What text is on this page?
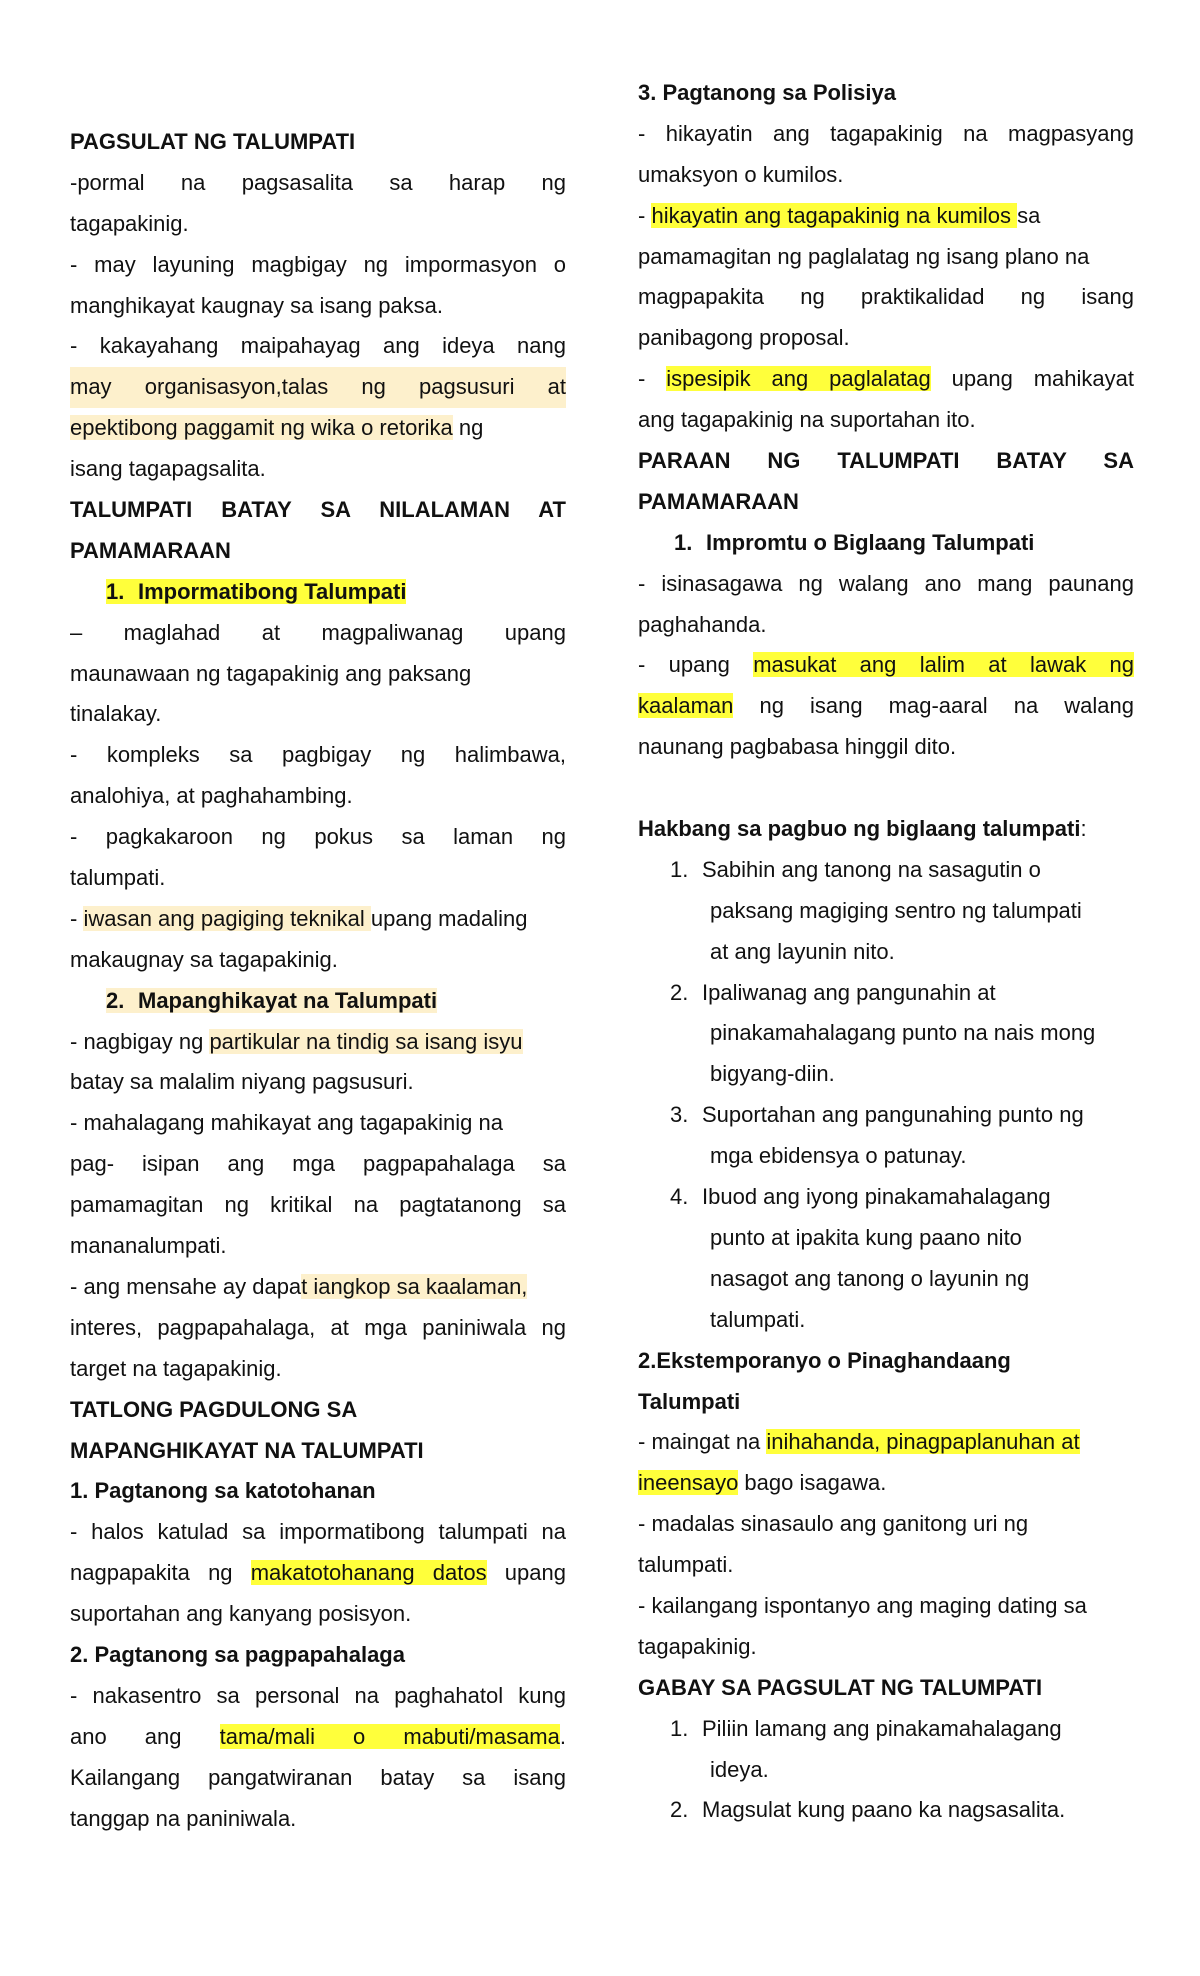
PAGSULAT NG TALUMPATI
-pormal na pagsasalita sa harap ng
tagapakinig.
- may layuning magbigay ng impormasyon o
manghikayat kaugnay sa isang paksa.
- kakayahang maipahayag ang ideya nang
may organisasyon,talas ng pagsusuri at
epektibong paggamit ng wika o retorika ng
isang tagapagsalita.
TALUMPATI BATAY SA NILALAMAN AT
PAMAMARAAN
1. Impormatibong Talumpati
– maglahad at magpaliwanag upang
maunawaan ng tagapakinig ang paksang
tinalakay.
- kompleks sa pagbigay ng halimbawa,
analohiya, at paghahambing.
- pagkakaroon ng pokus sa laman ng
talumpati.
- iwasan ang pagiging teknikal upang madaling
makaugnay sa tagapakinig.
2. Mapanghikayat na Talumpati
- nagbigay ng partikular na tindig sa isang isyu
batay sa malalim niyang pagsusuri.
- mahalagang mahikayat ang tagapakinig na
pag- isipan ang mga pagpapahalaga sa
pamamagitan ng kritikal na pagtatanong sa
mananalumpati.
- ang mensahe ay dapat iangkop sa kaalaman,
interes, pagpapahalaga, at mga paniniwala ng
target na tagapakinig.
TATLONG PAGDULONG SA
MAPANGHIKAYAT NA TALUMPATI
1. Pagtanong sa katotohanan
- halos katulad sa impormatibong talumpati na
nagpapakita ng makatotohanang datos upang
suportahan ang kanyang posisyon.
2. Pagtanong sa pagpapahalaga
- nakasentro sa personal na paghahatol kung
ano ang tama/mali o mabuti/masama.
Kailangang pangatwiranan batay sa isang
tanggap na paniniwala.
3. Pagtanong sa Polisiya
- hikayatin ang tagapakinig na magpasyang
umaksyon o kumilos.
- hikayatin ang tagapakinig na kumilos sa
pamamagitan ng paglalatag ng isang plano na
magpapakita ng praktikalidad ng isang
panibagong proposal.
- ispesipik ang paglalatag upang mahikayat
ang tagapakinig na suportahan ito.
PARAAN NG TALUMPATI BATAY SA
PAMAMARAAN
1. Impromtu o Biglaang Talumpati
- isinasagawa ng walang ano mang paunang
paghahanda.
- upang masukat ang lalim at lawak ng
kaalaman ng isang mag-aaral na walang
naunang pagbabasa hinggil dito.
Hakbang sa pagbuo ng biglaang talumpati:
1. Sabihin ang tanong na sasagutin o
paksang magiging sentro ng talumpati
at ang layunin nito.
2. Ipaliwanag ang pangunahin at
pinakamahalagang punto na nais mong
bigyang-diin.
3. Suportahan ang pangunahing punto ng
mga ebidensya o patunay.
4. Ibuod ang iyong pinakamahalagang
punto at ipakita kung paano nito
nasagot ang tanong o layunin ng
talumpati.
2.Ekstemporanyo o Pinaghandaang
Talumpati
- maingat na inihahanda, pinagpaplanuhan at
ineensayo bago isagawa.
- madalas sinasaulo ang ganitong uri ng
talumpati.
- kailangang ispontanyo ang maging dating sa
tagapakinig.
GABAY SA PAGSULAT NG TALUMPATI
1. Piliin lamang ang pinakamahalagang
ideya.
2. Magsulat kung paano ka nagsasalita.
